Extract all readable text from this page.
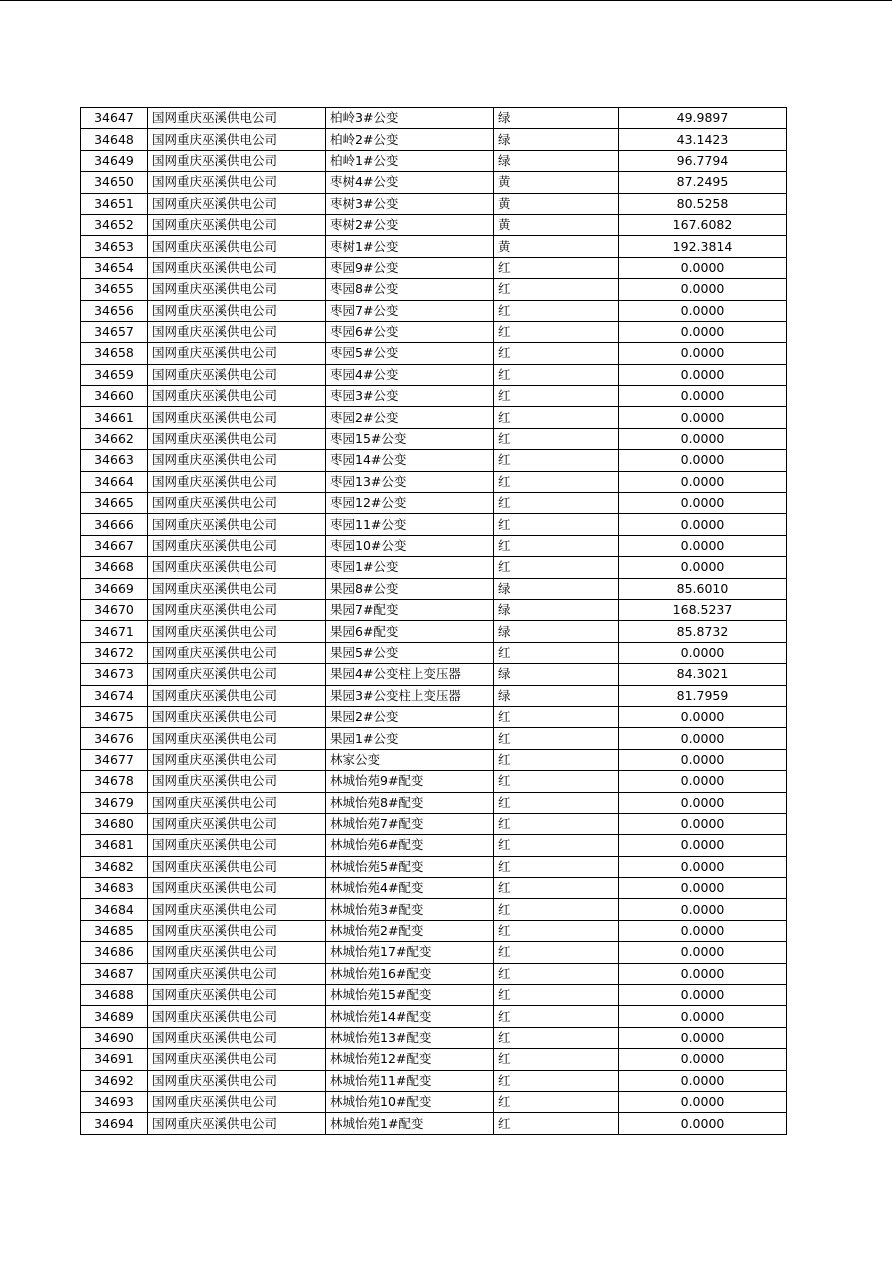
34647	国网重庆巫溪供电公司	柏岭3#公变	绿	49.9897
34648	国网重庆巫溪供电公司	柏岭2#公变	绿	43.1423
34649	国网重庆巫溪供电公司	柏岭1#公变	绿	96.7794
34650	国网重庆巫溪供电公司	枣树4#公变	黄	87.2495
34651	国网重庆巫溪供电公司	枣树3#公变	黄	80.5258
34652	国网重庆巫溪供电公司	枣树2#公变	黄	167.6082
34653	国网重庆巫溪供电公司	枣树1#公变	黄	192.3814
34654	国网重庆巫溪供电公司	枣园9#公变	红	0.0000
34655	国网重庆巫溪供电公司	枣园8#公变	红	0.0000
34656	国网重庆巫溪供电公司	枣园7#公变	红	0.0000
34657	国网重庆巫溪供电公司	枣园6#公变	红	0.0000
34658	国网重庆巫溪供电公司	枣园5#公变	红	0.0000
34659	国网重庆巫溪供电公司	枣园4#公变	红	0.0000
34660	国网重庆巫溪供电公司	枣园3#公变	红	0.0000
34661	国网重庆巫溪供电公司	枣园2#公变	红	0.0000
34662	国网重庆巫溪供电公司	枣园15#公变	红	0.0000
34663	国网重庆巫溪供电公司	枣园14#公变	红	0.0000
34664	国网重庆巫溪供电公司	枣园13#公变	红	0.0000
34665	国网重庆巫溪供电公司	枣园12#公变	红	0.0000
34666	国网重庆巫溪供电公司	枣园11#公变	红	0.0000
34667	国网重庆巫溪供电公司	枣园10#公变	红	0.0000
34668	国网重庆巫溪供电公司	枣园1#公变	红	0.0000
34669	国网重庆巫溪供电公司	果园8#公变	绿	85.6010
34670	国网重庆巫溪供电公司	果园7#配变	绿	168.5237
34671	国网重庆巫溪供电公司	果园6#配变	绿	85.8732
34672	国网重庆巫溪供电公司	果园5#公变	红	0.0000
34673	国网重庆巫溪供电公司	果园4#公变柱上变压器	绿	84.3021
34674	国网重庆巫溪供电公司	果园3#公变柱上变压器	绿	81.7959
34675	国网重庆巫溪供电公司	果园2#公变	红	0.0000
34676	国网重庆巫溪供电公司	果园1#公变	红	0.0000
34677	国网重庆巫溪供电公司	林家公变	红	0.0000
34678	国网重庆巫溪供电公司	林城怡苑9#配变	红	0.0000
34679	国网重庆巫溪供电公司	林城怡苑8#配变	红	0.0000
34680	国网重庆巫溪供电公司	林城怡苑7#配变	红	0.0000
34681	国网重庆巫溪供电公司	林城怡苑6#配变	红	0.0000
34682	国网重庆巫溪供电公司	林城怡苑5#配变	红	0.0000
34683	国网重庆巫溪供电公司	林城怡苑4#配变	红	0.0000
34684	国网重庆巫溪供电公司	林城怡苑3#配变	红	0.0000
34685	国网重庆巫溪供电公司	林城怡苑2#配变	红	0.0000
34686	国网重庆巫溪供电公司	林城怡苑17#配变	红	0.0000
34687	国网重庆巫溪供电公司	林城怡苑16#配变	红	0.0000
34688	国网重庆巫溪供电公司	林城怡苑15#配变	红	0.0000
34689	国网重庆巫溪供电公司	林城怡苑14#配变	红	0.0000
34690	国网重庆巫溪供电公司	林城怡苑13#配变	红	0.0000
34691	国网重庆巫溪供电公司	林城怡苑12#配变	红	0.0000
34692	国网重庆巫溪供电公司	林城怡苑11#配变	红	0.0000
34693	国网重庆巫溪供电公司	林城怡苑10#配变	红	0.0000
34694	国网重庆巫溪供电公司	林城怡苑1#配变	红	0.0000
